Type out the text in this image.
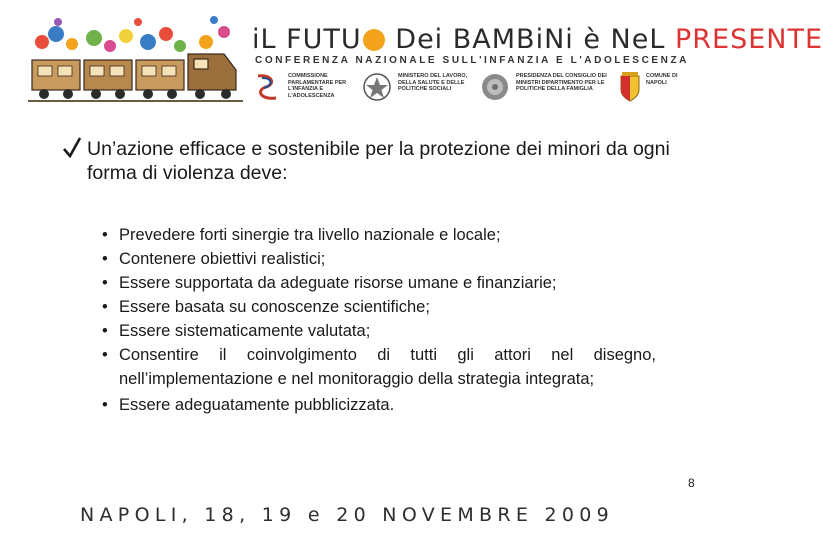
iL FUTU Dei BAMBiNi è NeL PRESENTE
CONFERENZA NAZIONALE SULL'INFANZIA E L'ADOLESCENZA
COMMISSIONE PARLAMENTARE PER L'INFANZIA E L'ADOLESCENZA
MINISTERO DEL LAVORO, DELLA SALUTE E DELLE POLITICHE SOCIALI
PRESIDENZA DEL CONSIGLIO DEI MINISTRI DIPARTIMENTO PER LE POLITICHE DELLA FAMIGLIA
COMUNE DI NAPOLI
Un’azione efficace e sostenibile per la protezione dei minori da ogni forma di violenza deve:
• Prevedere forti sinergie tra livello nazionale e locale;
• Contenere obiettivi realistici;
• Essere supportata da adeguate risorse umane e finanziarie;
• Essere basata su conoscenze scientifiche;
• Essere sistematicamente valutata;
• Consentire il coinvolgimento di tutti gli attori nel disegno, nell’implementazione e nel monitoraggio della strategia integrata;
• Essere adeguatamente pubblicizzata.
8
NAPOLI, 18, 19 e 20 NOVEMBRE 2009
